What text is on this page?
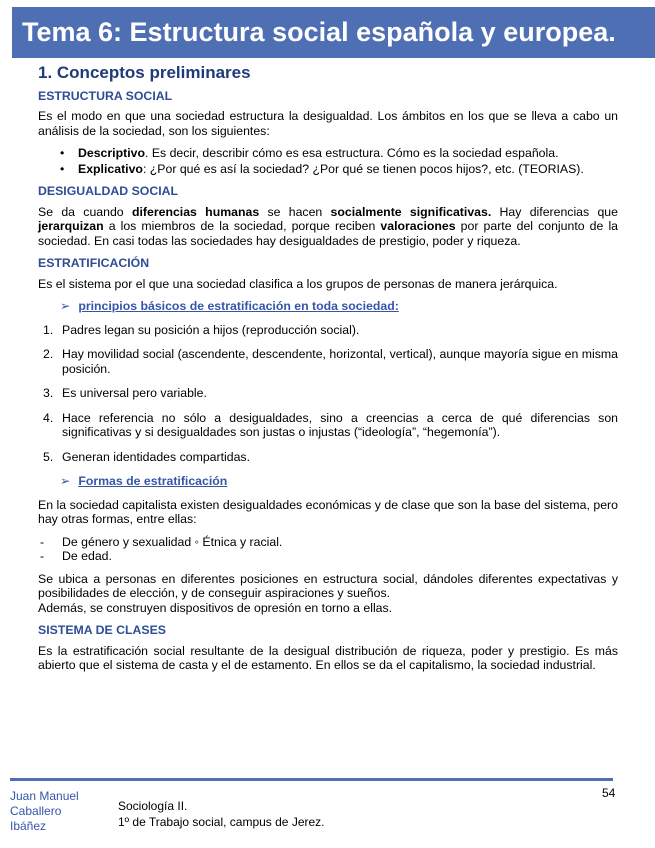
Tema 6: Estructura social española y europea.
1. Conceptos preliminares
ESTRUCTURA SOCIAL

Es el modo en que una sociedad estructura la desigualdad. Los ámbitos en los que se lleva a cabo un análisis de la sociedad, son los siguientes:

• Descriptivo. Es decir, describir cómo es esa estructura. Cómo es la sociedad española.
• Explicativo: ¿Por qué es así la sociedad? ¿Por qué se tienen pocos hijos?, etc. (TEORIAS).
DESIGUALDAD SOCIAL

Se da cuando diferencias humanas se hacen socialmente significativas. Hay diferencias que jerarquizan a los miembros de la sociedad, porque reciben valoraciones por parte del conjunto de la sociedad. En casi todas las sociedades hay desigualdades de prestigio, poder y riqueza.

ESTRATIFICACIÓN

Es el sistema por el que una sociedad clasifica a los grupos de personas de manera jerárquica.

➢ principios básicos de estratificación en toda sociedad:
1. Padres legan su posición a hijos (reproducción social).
2. Hay movilidad social (ascendente, descendente, horizontal, vertical), aunque mayoría sigue en misma posición.
3. Es universal pero variable.
4. Hace referencia no sólo a desigualdades, sino a creencias a cerca de qué diferencias son significativas y si desigualdades son justas o injustas (“ideología”, “hegemonía”).
5. Generan identidades compartidas.
➢ Formas de estratificación

En la sociedad capitalista existen desigualdades económicas y de clase que son la base del sistema, pero hay otras formas, entre ellas:

- De género y sexualidad ◦ Étnica y racial.
- De edad.

Se ubica a personas en diferentes posiciones en estructura social, dándoles diferentes expectativas y posibilidades de elección, y de conseguir aspiraciones y sueños.
Además, se construyen dispositivos de opresión en torno a ellas.

SISTEMA DE CLASES

Es la estratificación social resultante de la desigual distribución de riqueza, poder y prestigio. Es más abierto que el sistema de casta y el de estamento. En ellos se da el capitalismo, la sociedad industrial.

54
Juan Manuel Caballero Ibáñez
Sociología II.
1º de Trabajo social, campus de Jerez.
